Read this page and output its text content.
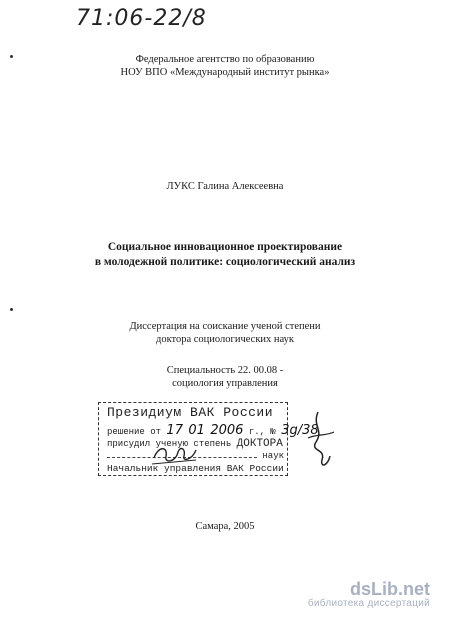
71:06-22/8
Федеральное агентство по образованию
НОУ ВПО «Международный институт рынка»
ЛУКС Галина Алексеевна
Социальное инновационное проектирование
в молодежной политике: социологический анализ
Диссертация на соискание ученой степени
доктора социологических наук
Специальность 22. 00.08 -
социология управления
Президиум ВАК России
решение от 17 01 2006 г., № 3g/38
присудил ученую степень ДОКТОРА
наук
Начальник управления ВАК России
Самара, 2005
dsLib.net
библиотека диссертаций
